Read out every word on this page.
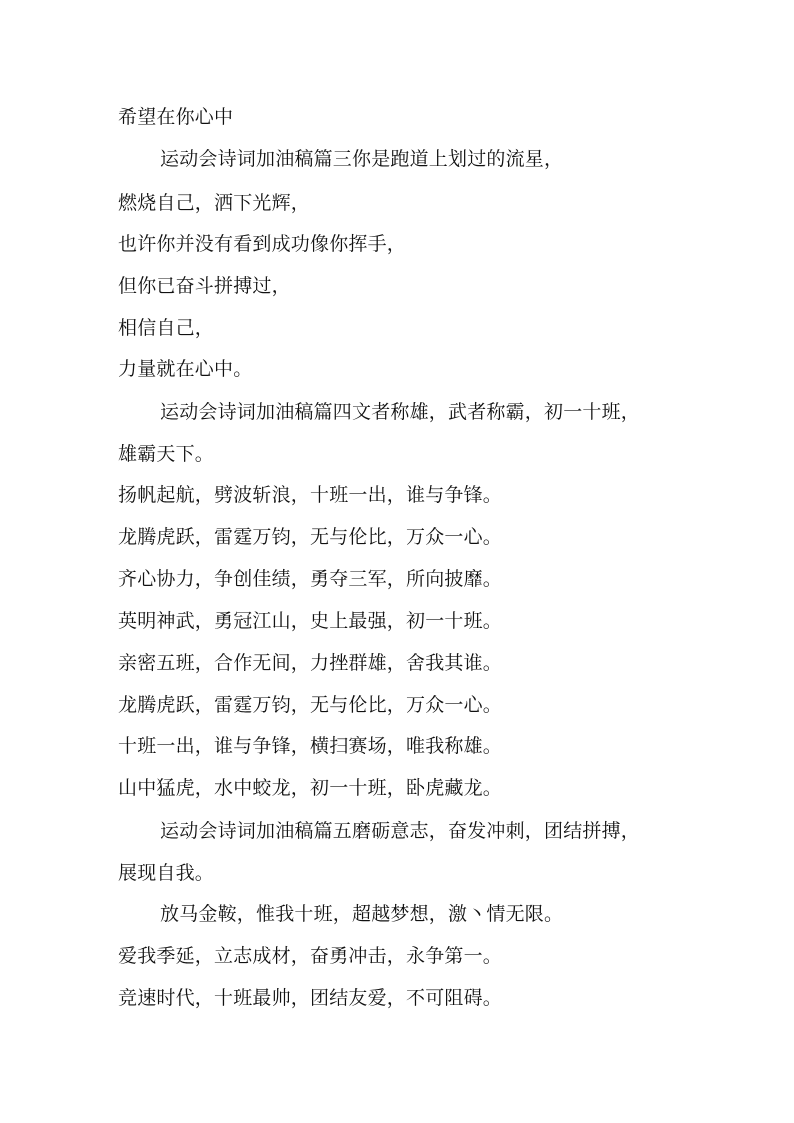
希望在你心中
运动会诗词加油稿篇三你是跑道上划过的流星，
燃烧自己，洒下光辉，
也许你并没有看到成功像你挥手，
但你已奋斗拼搏过，
相信自己，
力量就在心中。
运动会诗词加油稿篇四文者称雄，武者称霸，初一十班，
雄霸天下。
扬帆起航，劈波斩浪，十班一出，谁与争锋。
龙腾虎跃，雷霆万钧，无与伦比，万众一心。
齐心协力，争创佳绩，勇夺三军，所向披靡。
英明神武，勇冠江山，史上最强，初一十班。
亲密五班，合作无间，力挫群雄，舍我其谁。
龙腾虎跃，雷霆万钧，无与伦比，万众一心。
十班一出，谁与争锋，横扫赛场，唯我称雄。
山中猛虎，水中蛟龙，初一十班，卧虎藏龙。
运动会诗词加油稿篇五磨砺意志，奋发冲刺，团结拼搏，
展现自我。
放马金鞍，惟我十班，超越梦想，激丶情无限。
爱我季延，立志成材，奋勇冲击，永争第一。
竞速时代，十班最帅，团结友爱，不可阻碍。
